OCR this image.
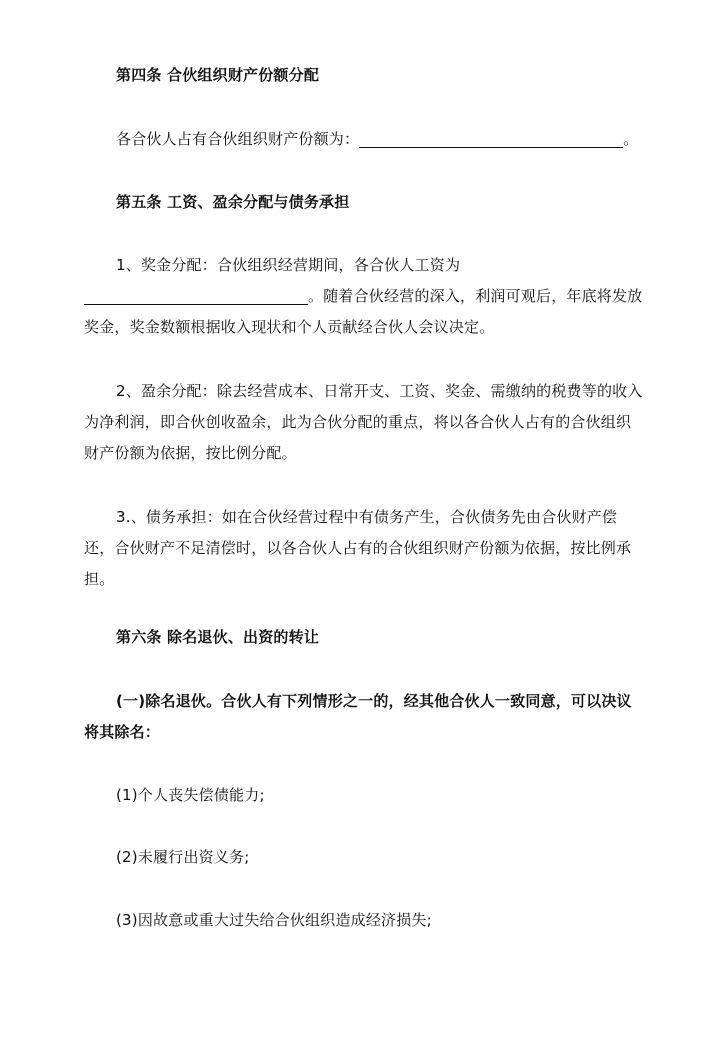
第四条 合伙组织财产份额分配
各合伙人占有合伙组织财产份额为：	。
第五条 工资、盈余分配与债务承担
1、奖金分配：合伙组织经营期间，各合伙人工资为
。随着合伙经营的深入，利润可观后，年底将发放奖金，奖金数额根据收入现状和个人贡献经合伙人会议决定。
2、盈余分配：除去经营成本、日常开支、工资、奖金、需缴纳的税费等的收入为净利润，即合伙创收盈余，此为合伙分配的重点，将以各合伙人占有的合伙组织财产份额为依据，按比例分配。
3.、债务承担：如在合伙经营过程中有债务产生，合伙债务先由合伙财产偿还，合伙财产不足清偿时，以各合伙人占有的合伙组织财产份额为依据，按比例承担。
第六条 除名退伙、出资的转让
(一)除名退伙。合伙人有下列情形之一的，经其他合伙人一致同意，可以决议将其除名：
(1)个人丧失偿债能力;
(2)未履行出资义务;
(3)因故意或重大过失给合伙组织造成经济损失;
